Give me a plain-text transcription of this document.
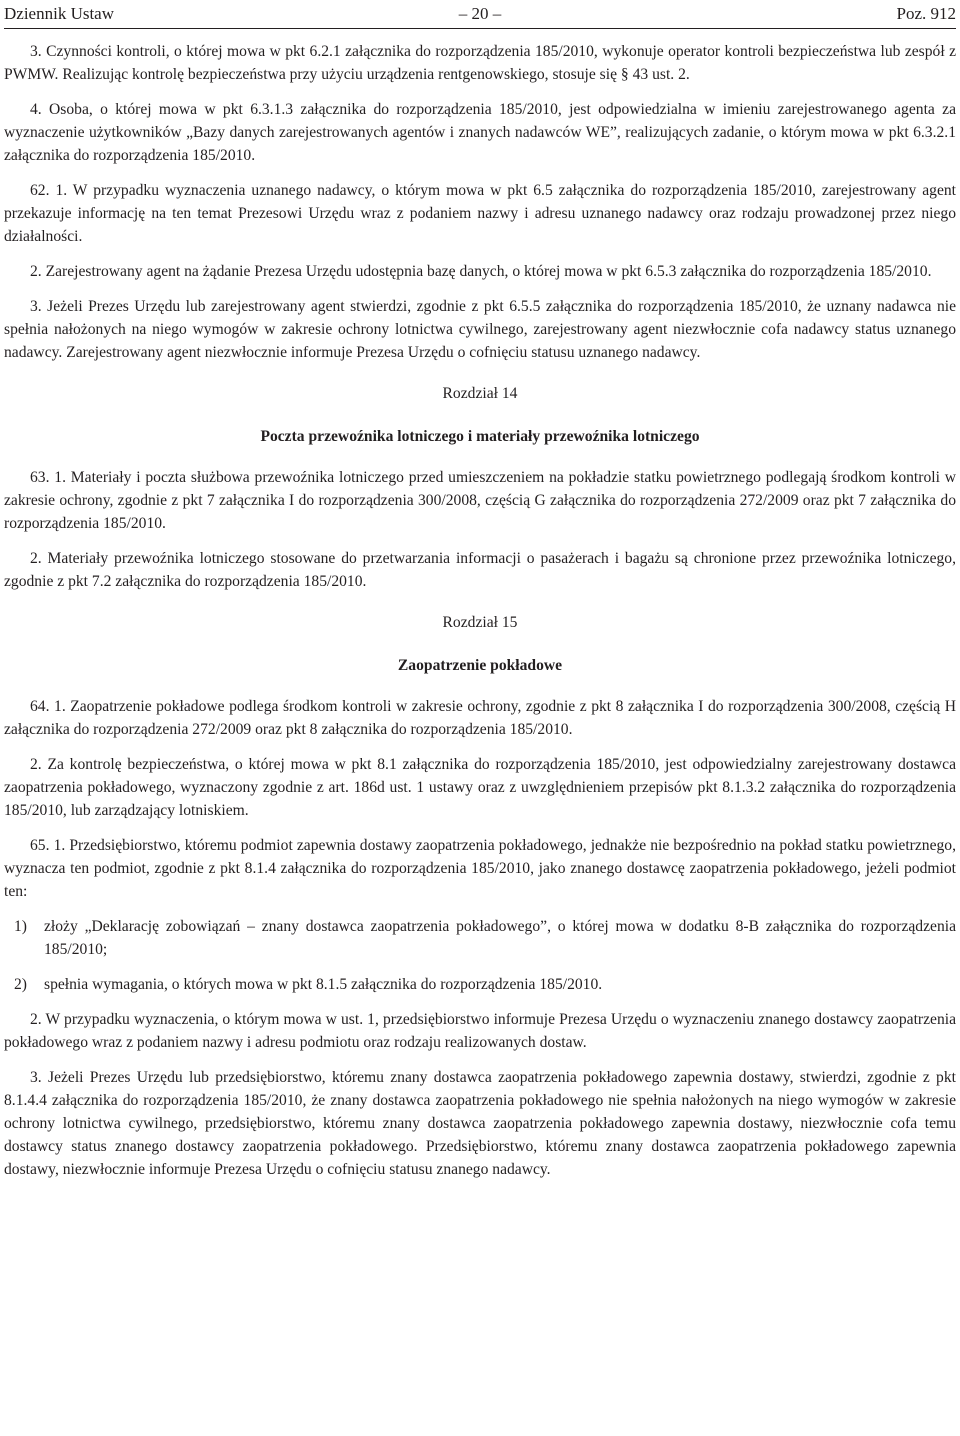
Dziennik Ustaw	– 20 –	Poz. 912

3. Czynności kontroli, o której mowa w pkt 6.2.1 załącznika do rozporządzenia 185/2010, wykonuje operator kontroli bezpieczeństwa lub zespół z PWMW. Realizując kontrolę bezpieczeństwa przy użyciu urządzenia rentgenowskiego, stosuje się § 43 ust. 2.

4. Osoba, o której mowa w pkt 6.3.1.3 załącznika do rozporządzenia 185/2010, jest odpowiedzialna w imieniu zarejestrowanego agenta za wyznaczenie użytkowników „Bazy danych zarejestrowanych agentów i znanych nadawców WE”, realizujących zadanie, o którym mowa w pkt 6.3.2.1 załącznika do rozporządzenia 185/2010.

62. 1. W przypadku wyznaczenia uznanego nadawcy, o którym mowa w pkt 6.5 załącznika do rozporządzenia 185/2010, zarejestrowany agent przekazuje informację na ten temat Prezesowi Urzędu wraz z podaniem nazwy i adresu uznanego nadawcy oraz rodzaju prowadzonej przez niego działalności.

2. Zarejestrowany agent na żądanie Prezesa Urzędu udostępnia bazę danych, o której mowa w pkt 6.5.3 załącznika do rozporządzenia 185/2010.

3. Jeżeli Prezes Urzędu lub zarejestrowany agent stwierdzi, zgodnie z pkt 6.5.5 załącznika do rozporządzenia 185/2010, że uznany nadawca nie spełnia nałożonych na niego wymogów w zakresie ochrony lotnictwa cywilnego, zarejestrowany agent niezwłocznie cofa nadawcy status uznanego nadawcy. Zarejestrowany agent niezwłocznie informuje Prezesa Urzędu o cofnięciu statusu uznanego nadawcy.

Rozdział 14
Poczta przewoźnika lotniczego i materiały przewoźnika lotniczego

63. 1. Materiały i poczta służbowa przewoźnika lotniczego przed umieszczeniem na pokładzie statku powietrznego podlegają środkom kontroli w zakresie ochrony, zgodnie z pkt 7 załącznika I do rozporządzenia 300/2008, częścią G załącznika do rozporządzenia 272/2009 oraz pkt 7 załącznika do rozporządzenia 185/2010.

2. Materiały przewoźnika lotniczego stosowane do przetwarzania informacji o pasażerach i bagażu są chronione przez przewoźnika lotniczego, zgodnie z pkt 7.2 załącznika do rozporządzenia 185/2010.

Rozdział 15
Zaopatrzenie pokładowe

64. 1. Zaopatrzenie pokładowe podlega środkom kontroli w zakresie ochrony, zgodnie z pkt 8 załącznika I do rozporządzenia 300/2008, częścią H załącznika do rozporządzenia 272/2009 oraz pkt 8 załącznika do rozporządzenia 185/2010.

2. Za kontrolę bezpieczeństwa, o której mowa w pkt 8.1 załącznika do rozporządzenia 185/2010, jest odpowiedzialny zarejestrowany dostawca zaopatrzenia pokładowego, wyznaczony zgodnie z art. 186d ust. 1 ustawy oraz z uwzględnieniem przepisów pkt 8.1.3.2 załącznika do rozporządzenia 185/2010, lub zarządzający lotniskiem.

65. 1. Przedsiębiorstwo, któremu podmiot zapewnia dostawy zaopatrzenia pokładowego, jednakże nie bezpośrednio na pokład statku powietrznego, wyznacza ten podmiot, zgodnie z pkt 8.1.4 załącznika do rozporządzenia 185/2010, jako znanego dostawcę zaopatrzenia pokładowego, jeżeli podmiot ten:

1)	złoży „Deklarację zobowiązań – znany dostawca zaopatrzenia pokładowego”, o której mowa w dodatku 8-B załącznika do rozporządzenia 185/2010;
2)	spełnia wymagania, o których mowa w pkt 8.1.5 załącznika do rozporządzenia 185/2010.

2. W przypadku wyznaczenia, o którym mowa w ust. 1, przedsiębiorstwo informuje Prezesa Urzędu o wyznaczeniu znanego dostawcy zaopatrzenia pokładowego wraz z podaniem nazwy i adresu podmiotu oraz rodzaju realizowanych dostaw.

3. Jeżeli Prezes Urzędu lub przedsiębiorstwo, któremu znany dostawca zaopatrzenia pokładowego zapewnia dostawy, stwierdzi, zgodnie z pkt 8.1.4.4 załącznika do rozporządzenia 185/2010, że znany dostawca zaopatrzenia pokładowego nie spełnia nałożonych na niego wymogów w zakresie ochrony lotnictwa cywilnego, przedsiębiorstwo, któremu znany dostawca zaopatrzenia pokładowego zapewnia dostawy, niezwłocznie cofa temu dostawcy status znanego dostawcy zaopatrzenia pokładowego. Przedsiębiorstwo, któremu znany dostawca zaopatrzenia pokładowego zapewnia dostawy, niezwłocznie informuje Prezesa Urzędu o cofnięciu statusu znanego nadawcy.
